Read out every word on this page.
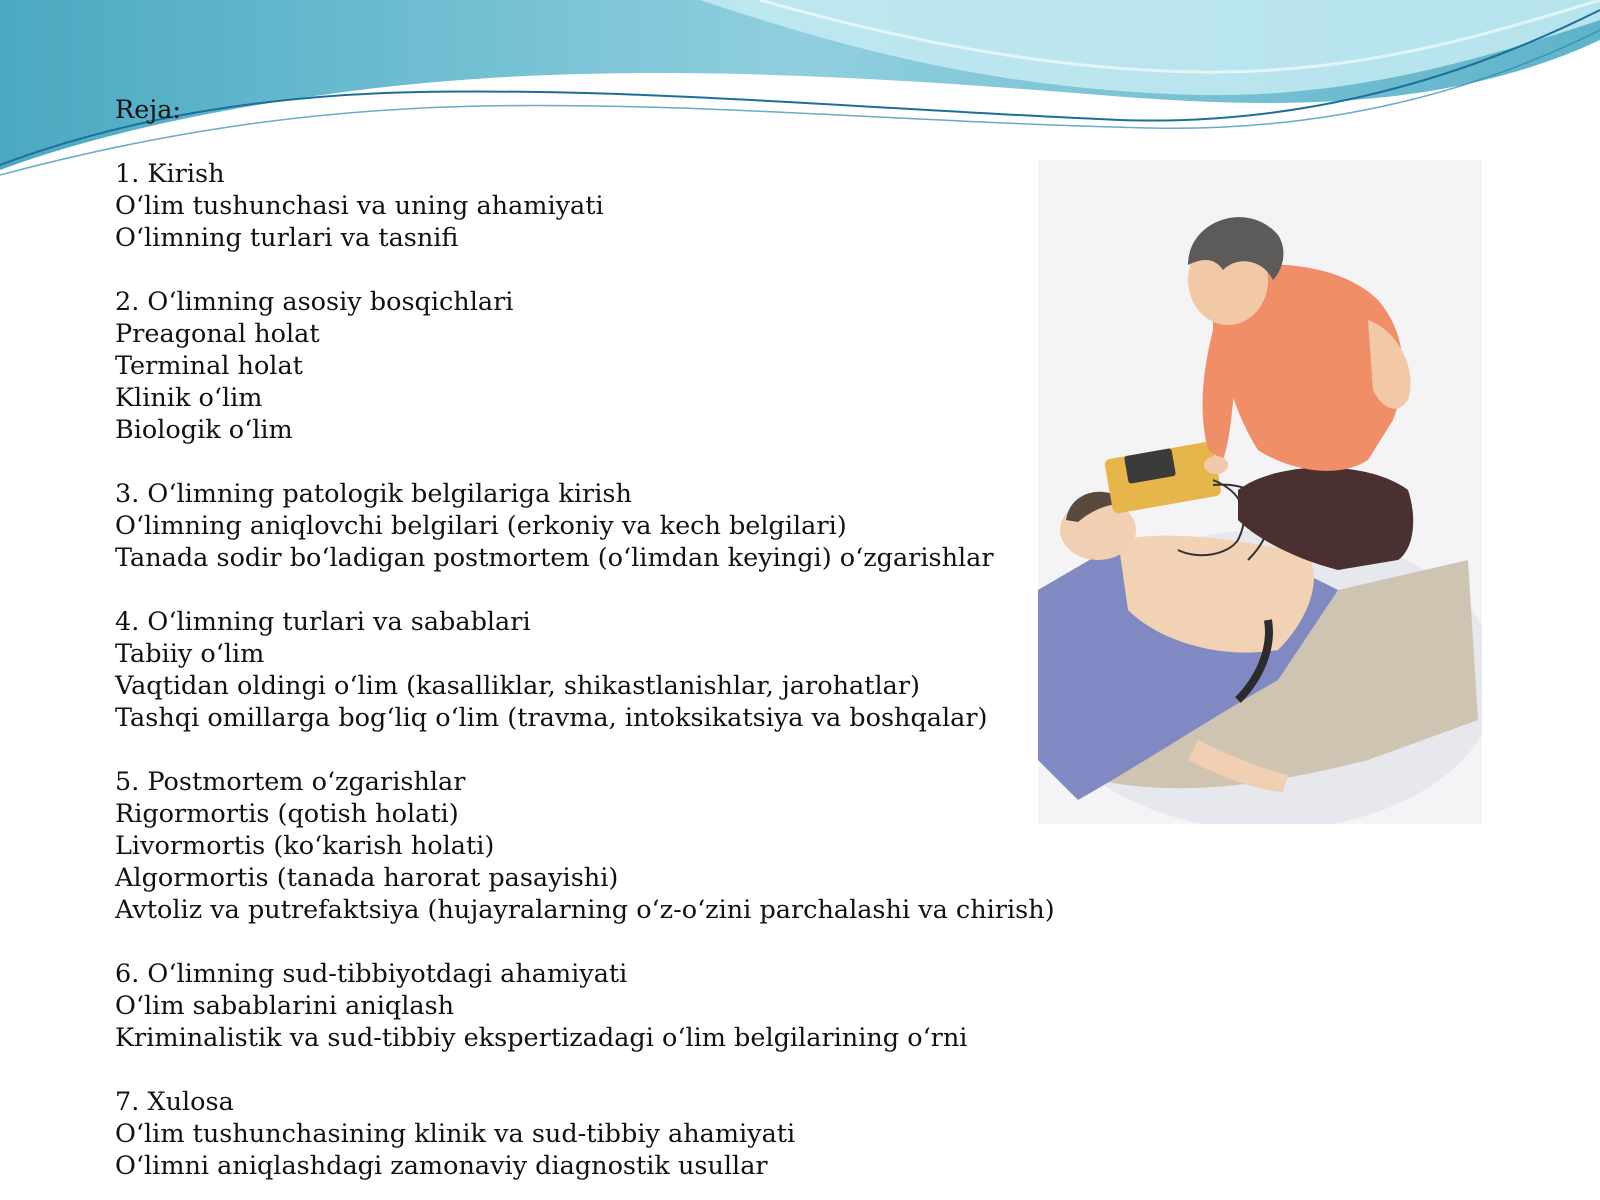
Reja:
1. Kirish
O‘lim tushunchasi va uning ahamiyati
O‘limning turlari va tasnifi
2. O‘limning asosiy bosqichlari
Preagonal holat
Terminal holat
Klinik o‘lim
Biologik o‘lim
3. O‘limning patologik belgilariga kirish
O‘limning aniqlovchi belgilari (erkoniy va kech belgilari)
Tanada sodir bo‘ladigan postmortem (o‘limdan keyingi) o‘zgarishlar
4. O‘limning turlari va sabablari
Tabiiy o‘lim
Vaqtidan oldingi o‘lim (kasalliklar, shikastlanishlar, jarohatlar)
Tashqi omillarga bog‘liq o‘lim (travma, intoksikatsiya va boshqalar)
5. Postmortem o‘zgarishlar
Rigormortis (qotish holati)
Livormortis (ko‘karish holati)
Algormortis (tanada harorat pasayishi)
Avtoliz va putrefaktsiya (hujayralarning o‘z-o‘zini parchalashi va chirish)
6. O‘limning sud-tibbiyotdagi ahamiyati
O‘lim sabablarini aniqlash
Kriminalistik va sud-tibbiy ekspertizadagi o‘lim belgilarining o‘rni
7. Xulosa
O‘lim tushunchasining klinik va sud-tibbiy ahamiyati
O‘limni aniqlashdagi zamonaviy diagnostik usullar
